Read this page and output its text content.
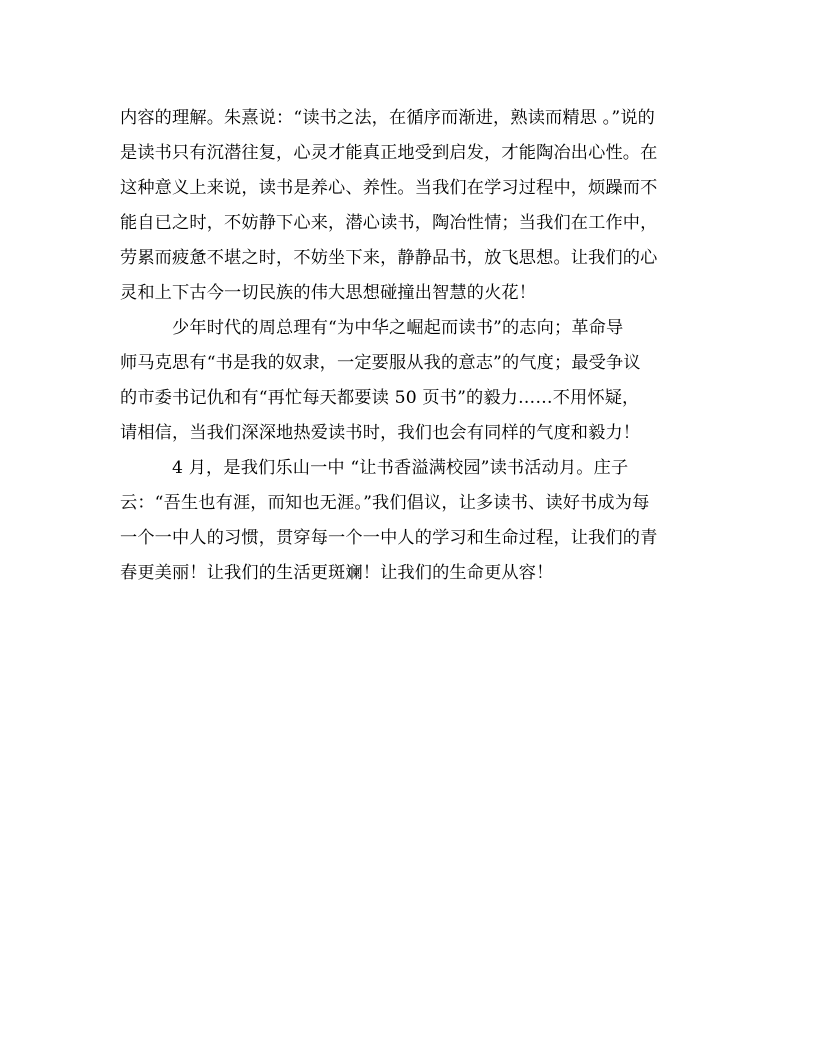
内容的理解。朱熹说：“读书之法，在循序而渐进，熟读而精思 。”说的
是读书只有沉潜往复，心灵才能真正地受到启发，才能陶冶出心性。在
这种意义上来说，读书是养心、养性。当我们在学习过程中，烦躁而不
能自已之时，不妨静下心来，潜心读书，陶冶性情；当我们在工作中，
劳累而疲惫不堪之时，不妨坐下来，静静品书，放飞思想。让我们的心
灵和上下古今一切民族的伟大思想碰撞出智慧的火花！
　　　少年时代的周总理有“为中华之崛起而读书”的志向；革命导
师马克思有“书是我的奴隶，一定要服从我的意志”的气度；最受争议
的市委书记仇和有“再忙每天都要读 50 页书”的毅力……不用怀疑，
请相信，当我们深深地热爱读书时，我们也会有同样的气度和毅力！
　　　4 月，是我们乐山一中 “让书香溢满校园”读书活动月。庄子
云：“吾生也有涯，而知也无涯。”我们倡议，让多读书、读好书成为每
一个一中人的习惯，贯穿每一个一中人的学习和生命过程，让我们的青
春更美丽！让我们的生活更斑斓！让我们的生命更从容！
